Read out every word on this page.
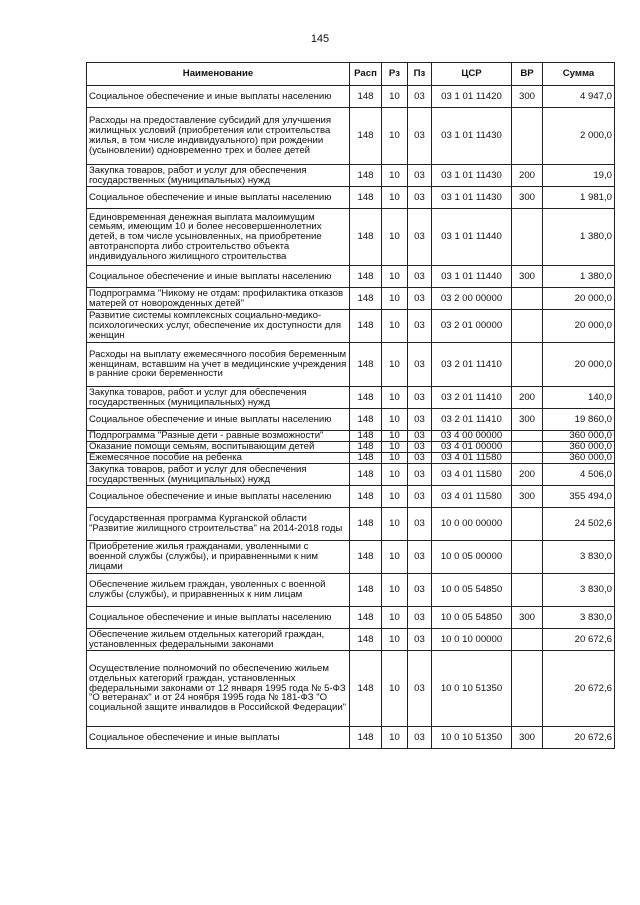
145
Наименование	Расп	Рз	Пз	ЦСР	ВР	Сумма
Социальное обеспечение и иные выплаты населению	148	10	03	03 1 01 11420	300	4 947,0
Расходы на предоставление субсидий для улучшения жилищных условий (приобретения или строительства жилья, в том числе индивидуального) при рождении (усыновлении) одновременно трех и более детей	148	10	03	03 1 01 11430		2 000,0
Закупка товаров, работ и услуг для обеспечения государственных (муниципальных) нужд	148	10	03	03 1 01 11430	200	19,0
Социальное обеспечение и иные выплаты населению	148	10	03	03 1 01 11430	300	1 981,0
Единовременная денежная выплата малоимущим семьям, имеющим 10 и более несовершеннолетних детей, в том числе усыновленных, на приобретение автотранспорта либо строительство объекта индивидуального жилищного строительства	148	10	03	03 1 01 11440		1 380,0
Социальное обеспечение и иные выплаты населению	148	10	03	03 1 01 11440	300	1 380,0
Подпрограмма "Никому не отдам: профилактика отказов матерей от новорожденных детей"	148	10	03	03 2 00 00000		20 000,0
Развитие системы комплексных социально-медико-психологических услуг, обеспечение их доступности для женщин	148	10	03	03 2 01 00000		20 000,0
Расходы на выплату ежемесячного пособия беременным женщинам, вставшим на учет в медицинские учреждения в ранние сроки беременности	148	10	03	03 2 01 11410		20 000,0
Закупка товаров, работ и услуг для обеспечения государственных (муниципальных) нужд	148	10	03	03 2 01 11410	200	140,0
Социальное обеспечение и иные выплаты населению	148	10	03	03 2 01 11410	300	19 860,0
Подпрограмма "Разные дети - равные возможности"	148	10	03	03 4 00 00000		360 000,0
Оказание помощи семьям, воспитывающим детей	148	10	03	03 4 01 00000		360 000,0
Ежемесячное пособие на ребенка	148	10	03	03 4 01 11580		360 000,0
Закупка товаров, работ и услуг для обеспечения государственных (муниципальных) нужд	148	10	03	03 4 01 11580	200	4 506,0
Социальное обеспечение и иные выплаты населению	148	10	03	03 4 01 11580	300	355 494,0
Государственная программа Курганской области "Развитие жилищного строительства" на 2014-2018 годы	148	10	03	10 0 00 00000		24 502,6
Приобретение жилья гражданами, уволенными с военной службы (службы), и приравненными к ним лицами	148	10	03	10 0 05 00000		3 830,0
Обеспечение жильем граждан, уволенных с военной службы (службы), и приравненных к ним лицам	148	10	03	10 0 05 54850		3 830,0
Социальное обеспечение и иные выплаты населению	148	10	03	10 0 05 54850	300	3 830,0
Обеспечение жильем отдельных категорий граждан, установленных федеральными законами	148	10	03	10 0 10 00000		20 672,6
Осуществление полномочий по обеспечению жильем отдельных категорий граждан, установленных федеральными законами от 12 января 1995 года № 5-ФЗ "О ветеранах" и от 24 ноября 1995 года № 181-ФЗ "О социальной защите инвалидов в Российской Федерации"	148	10	03	10 0 10 51350		20 672,6
Социальное обеспечение и иные выплаты	148	10	03	10 0 10 51350	300	20 672,6
